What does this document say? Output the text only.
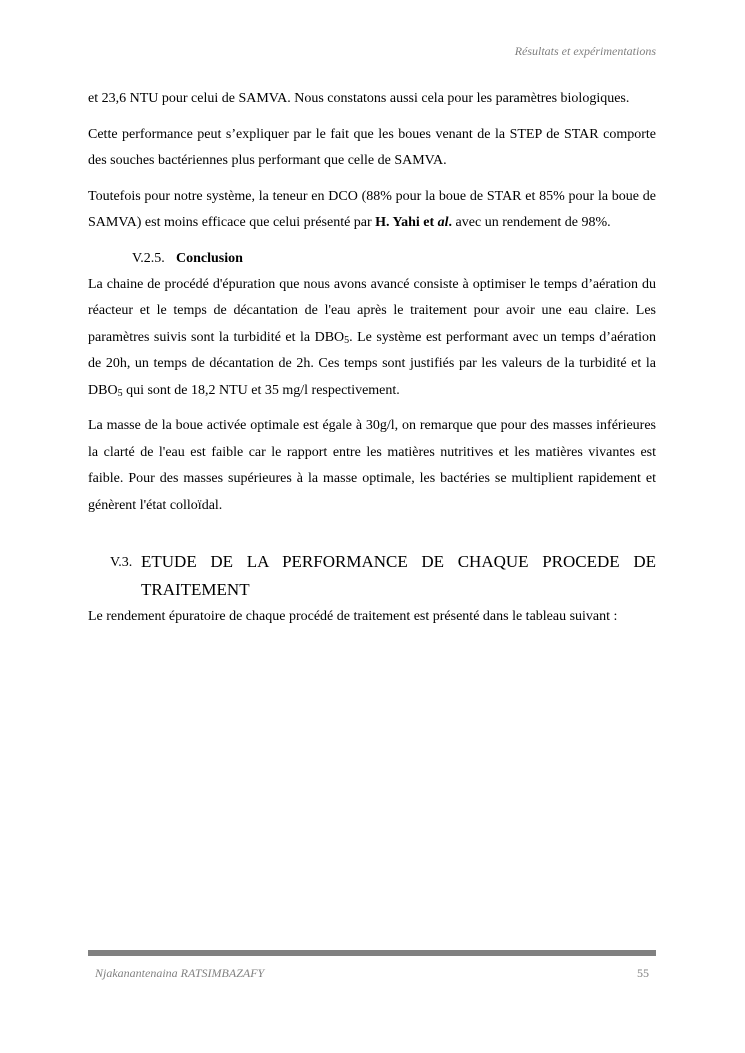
Résultats et expérimentations

et 23,6 NTU pour celui de SAMVA. Nous constatons aussi cela pour les paramètres biologiques.

Cette performance peut s’expliquer par le fait que les boues venant de la STEP de STAR comporte des souches bactériennes plus performant que celle de SAMVA.

Toutefois pour notre système, la teneur en DCO (88% pour la boue de STAR et 85% pour la boue de SAMVA) est moins efficace que celui présenté par H. Yahi et al. avec un rendement de 98%.

V.2.5. Conclusion

La chaine de procédé d'épuration que nous avons avancé consiste à optimiser le temps d’aération du réacteur et le temps de décantation de l'eau après le traitement pour avoir une eau claire. Les paramètres suivis sont la turbidité et la $DBO_5$. Le système est performant avec un temps d’aération de 20h, un temps de décantation de 2h. Ces temps sont justifiés par les valeurs de la turbidité et la $DBO_5$ qui sont de 18,2 NTU et 35 mg/l respectivement.

La masse de la boue activée optimale est égale à 30g/l, on remarque que pour des masses inférieures la clarté de l'eau est faible car le rapport entre les matières nutritives et les matières vivantes est faible. Pour des masses supérieures à la masse optimale, les bactéries se multiplient rapidement et génèrent l'état colloïdal.

V.3. ETUDE DE LA PERFORMANCE DE CHAQUE PROCEDE DE TRAITEMENT

Le rendement épuratoire de chaque procédé de traitement est présenté dans le tableau suivant :

Njakanantenaina RATSIMBAZAFY	55
